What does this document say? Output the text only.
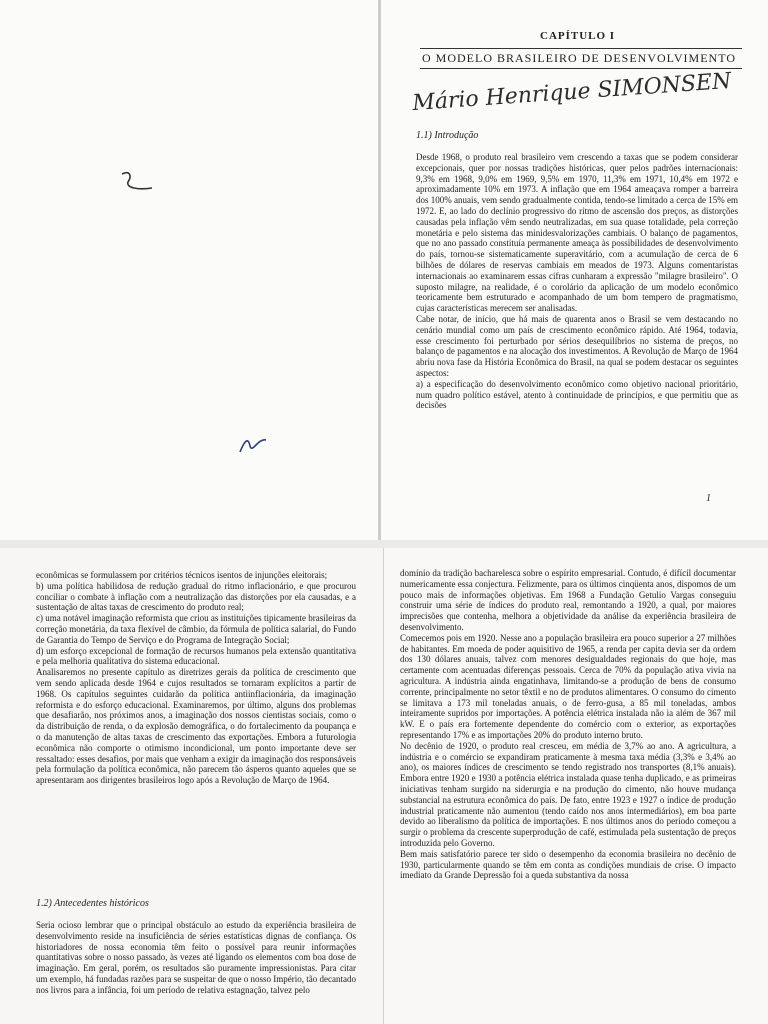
CAPÍTULO I
O MODELO BRASILEIRO DE DESENVOLVIMENTO
Mário Henrique SIMONSEN
1.1) Introdução
Desde 1968, o produto real brasileiro vem crescendo a taxas que se podem considerar excepcionais, quer por nossas tradições históricas, quer pelos padrões internacionais: 9,3% em 1968, 9,0% em 1969, 9,5% em 1970, 11,3% em 1971, 10,4% em 1972 e aproximadamente 10% em 1973. A inflação que em 1964 ameaçava romper a barreira dos 100% anuais, vem sendo gradualmente contida, tendo-se limitado a cerca de 15% em 1972. E, ao lado do declínio progressivo do ritmo de ascensão dos preços, as distorções causadas pela inflação vêm sendo neutralizadas, em sua quase totalidade, pela correção monetária e pelo sistema das minidesvalorizações cambiais. O balanço de pagamentos, que no ano passado constituía permanente ameaça às possibilidades de desenvolvimento do país, tornou-se sistematicamente superavitário, com a acumulação de cerca de 6 bilhões de dólares de reservas cambiais em meados de 1973. Alguns comentaristas internacionais ao examinarem essas cifras cunharam a expressão "milagre brasileiro". O suposto milagre, na realidade, é o corolário da aplicação de um modelo econômico teoricamente bem estruturado e acompanhado de um bom tempero de pragmatismo, cujas características merecem ser analisadas.
Cabe notar, de início, que há mais de quarenta anos o Brasil se vem destacando no cenário mundial como um país de crescimento econômico rápido. Até 1964, todavia, esse crescimento foi perturbado por sérios desequilíbrios no sistema de preços, no balanço de pagamentos e na alocação dos investimentos. A Revolução de Março de 1964 abriu nova fase da História Econômica do Brasil, na qual se podem destacar os seguintes aspectos:
a) a especificação do desenvolvimento econômico como objetivo nacional prioritário, num quadro político estável, atento à continuidade de princípios, e que permitiu que as decisões
1
econômicas se formulassem por critérios técnicos isentos de injunções eleitorais;
b) uma política habilidosa de redução gradual do ritmo inflacionário, e que procurou conciliar o combate à inflação com a neutralização das distorções por ela causadas, e a sustentação de altas taxas de crescimento do produto real;
c) uma notável imaginação reformista que criou as instituições tipicamente brasileiras da correção monetária, da taxa flexível de câmbio, da fórmula de política salarial, do Fundo de Garantia do Tempo de Serviço e do Programa de Integração Social;
d) um esforço excepcional de formação de recursos humanos pela extensão quantitativa e pela melhoria qualitativa do sistema educacional.
Analisaremos no presente capítulo as diretrizes gerais da política de crescimento que vem sendo aplicada desde 1964 e cujos resultados se tornaram explícitos a partir de 1968. Os capítulos seguintes cuidarão da política antiinflacionária, da imaginação reformista e do esforço educacional. Examinaremos, por último, alguns dos problemas que desafiarão, nos próximos anos, a imaginação dos nossos cientistas sociais, como o da distribuição de renda, o da explosão demográfica, o do fortalecimento da poupança e o da manutenção de altas taxas de crescimento das exportações. Embora a futurologia econômica não comporte o otimismo incondicional, um ponto importante deve ser ressaltado: esses desafios, por mais que venham a exigir da imaginação dos responsáveis pela formulação da política econômica, não parecem tão ásperos quanto aqueles que se apresentaram aos dirigentes brasileiros logo após a Revolução de Março de 1964.
1.2) Antecedentes históricos
Seria ocioso lembrar que o principal obstáculo ao estudo da experiência brasileira de desenvolvimento reside na insuficiência de séries estatísticas dignas de confiança. Os historiadores de nossa economia têm feito o possível para reunir informações quantitativas sobre o nosso passado, às vezes até ligando os elementos com boa dose de imaginação. Em geral, porém, os resultados são puramente impressionistas. Para citar um exemplo, há fundadas razões para se suspeitar de que o nosso Império, tão decantado nos livros para a infância, foi um período de relativa estagnação, talvez pelo
domínio da tradição bacharelesca sobre o espírito empresarial. Contudo, é difícil documentar numericamente essa conjectura. Felizmente, para os últimos cinqüenta anos, dispomos de um pouco mais de informações objetivas. Em 1968 a Fundação Getulio Vargas conseguiu construir uma série de índices do produto real, remontando a 1920, a qual, por maiores imprecisões que contenha, melhora a objetividade da análise da experiência brasileira de desenvolvimento.
Comecemos pois em 1920. Nesse ano a população brasileira era pouco superior a 27 milhões de habitantes. Em moeda de poder aquisitivo de 1965, a renda per capita devia ser da ordem dos 130 dólares anuais, talvez com menores desigualdades regionais do que hoje, mas certamente com acentuadas diferenças pessoais. Cerca de 70% da população ativa vivia na agricultura. A indústria ainda engatinhava, limitando-se a produção de bens de consumo corrente, principalmente no setor têxtil e no de produtos alimentares. O consumo do cimento se limitava a 173 mil toneladas anuais, o de ferro-gusa, a 85 mil toneladas, ambos inteiramente supridos por importações. A potência elétrica instalada não ia além de 367 mil kW. E o país era fortemente dependente do comércio com o exterior, as exportações representando 17% e as importações 20% do produto interno bruto.
No decênio de 1920, o produto real cresceu, em média de 3,7% ao ano. A agricultura, a indústria e o comércio se expandiram praticamente à mesma taxa média (3,3% e 3,4% ao ano), os maiores índices de crescimento se tendo registrado nos transportes (8,1% anuais). Embora entre 1920 e 1930 a potência elétrica instalada quase tenha duplicado, e as primeiras iniciativas tenham surgido na siderurgia e na produção do cimento, não houve mudança substancial na estrutura econômica do país. De fato, entre 1923 e 1927 o índice de produção industrial praticamente não aumentou (tendo caído nos anos intermediários), em boa parte devido ao liberalismo da política de importações. E nos últimos anos do período começou a surgir o problema da crescente superprodução de café, estimulada pela sustentação de preços introduzida pelo Governo.
Bem mais satisfatório parece ter sido o desempenho da economia brasileira no decênio de 1930, particularmente quando se têm em conta as condições mundiais de crise. O impacto imediato da Grande Depressão foi a queda substantiva da nossa
